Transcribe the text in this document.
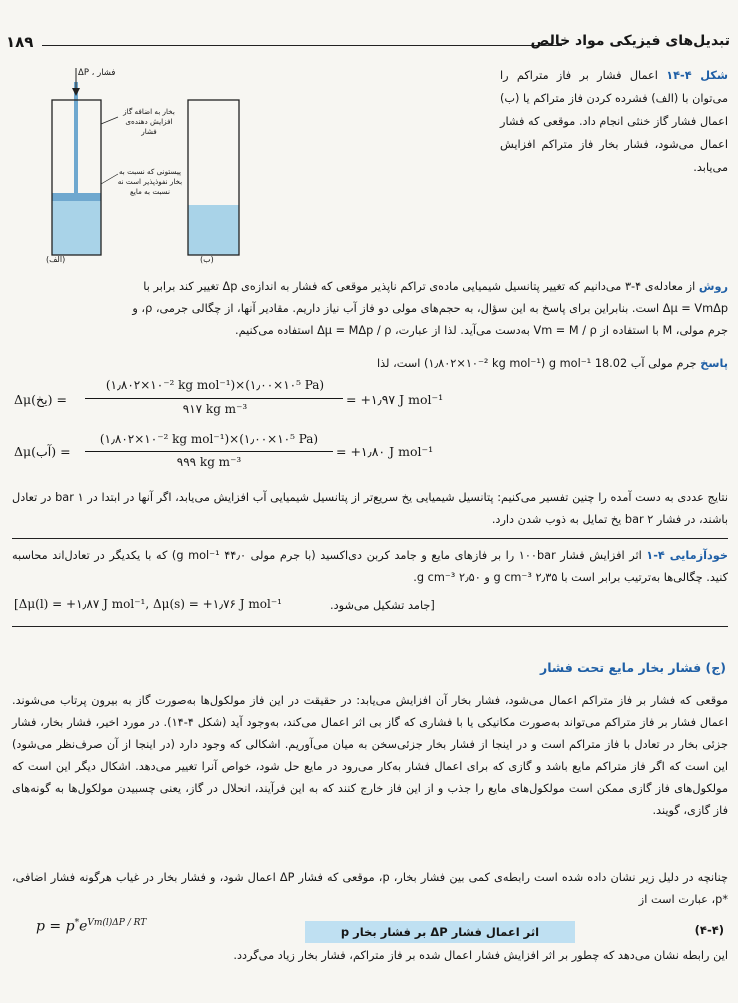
۱۸۹	تبدیل‌های فیزیکی مواد خالص
ΔP ، فشار
بخار به اضافه گاز افزایش دهنده‌ی فشار
پیستونی که نسبت به بخار نفوذپذیر است نه نسبت به مایع
(الف)	(ب)
شکل ۴-۱۴ اعمال فشار بر فاز متراکم را می‌توان با (الف) فشرده کردن فاز متراکم یا (ب) اعمال فشار گاز خنثی انجام داد. موقعی که فشار اعمال می‌شود، فشار بخار فاز متراکم افزایش می‌یابد.
روش از معادله‌ی ۴-۳ می‌دانیم که تغییر پتانسیل شیمیایی ماده‌ی تراکم ناپذیر موقعی که فشار به اندازه‌ی Δp تغییر کند برابر با
Δμ = VmΔp است. بنابراین برای پاسخ به این سؤال، به حجم‌های مولی دو فاز آب نیاز داریم. مقادیر آنها، از چگالی جرمی، ρ، و
جرم مولی، M با استفاده از Vm = M / ρ به‌دست می‌آید. لذا از عبارت، Δμ = MΔp / ρ استفاده می‌کنیم.
پاسخ جرم مولی آب 18.02 g mol⁻¹ (۱٫۸۰۲×۱۰⁻² kg mol⁻¹) است، لذا
Δμ(یخ) =
(۱٫۸۰۲×۱۰⁻² kg mol⁻¹)×(۱٫۰۰×۱۰⁵ Pa)
۹۱۷ kg m⁻³
= +۱٫۹۷ J mol⁻¹
Δμ(آب) =
(۱٫۸۰۲×۱۰⁻² kg mol⁻¹)×(۱٫۰۰×۱۰⁵ Pa)
۹۹۹ kg m⁻³
= +۱٫۸۰ J mol⁻¹
نتایج عددی به دست آمده را چنین تفسیر می‌کنیم: پتانسیل شیمیایی یخ سریع‌تر از پتانسیل شیمیایی آب افزایش می‌یابد، اگر آنها در ابتدا در ۱ bar در تعادل باشند، در فشار ۲ bar یخ تمایل به ذوب شدن دارد.
خودآزمایی ۴-۱ اثر افزایش فشار ۱۰۰bar را بر فازهای مایع و جامد کربن دی‌اکسید (با جرم مولی ۴۴٫۰ g mol⁻¹) که با یکدیگر در تعادل‌اند محاسبه کنید. چگالی‌ها به‌ترتیب برابر است با ۲٫۳۵ g cm⁻³ و ۲٫۵۰ g cm⁻³.
[Δμ(l) = +۱٫۸۷ J mol⁻¹, Δμ(s) = +۱٫۷۶ J mol⁻¹	[جامد تشکیل می‌شود.
(ج) فشار بخار مایع تحت فشار
موقعی که فشار بر فاز متراکم اعمال می‌شود، فشار بخار آن افزایش می‌یابد: در حقیقت در این فاز مولکول‌ها به‌صورت گاز به بیرون پرتاب می‌شوند. اعمال فشار بر فاز متراکم می‌تواند به‌صورت مکانیکی یا با فشاری که گاز بی اثر اعمال می‌کند، به‌وجود آید (شکل ۴-۱۴). در مورد اخیر، فشار بخار، فشار جزئی بخار در تعادل با فاز متراکم است و در اینجا از فشار بخار جزئی‌سخن به میان می‌آوریم. اشکالی که وجود دارد (در اینجا از آن صرف‌نظر می‌شود) این است که اگر فاز متراکم مایع باشد و گازی که برای اعمال فشار به‌کار می‌رود در مایع حل شود، خواص آنرا تغییر می‌دهد. اشکال دیگر این است که مولکول‌های فاز گازی ممکن است مولکول‌های مایع را جذب و از این فاز خارج کنند که به این فرآیند، انحلال در گاز، یعنی چسبیدن مولکول‌ها به گونه‌های فاز گازی، گویند.
چنانچه در دلیل زیر نشان داده شده است رابطه‌ی کمی بین فشار بخار، p، موقعی که فشار ΔP اعمال شود، و فشار بخار در غیاب هرگونه فشار اضافی، *p، عبارت است از
$p = p^*e^{Vm(l)\Delta P / RT}$
اثر اعمال فشار ΔP بر فشار بخار p	(۴-۴)
این رابطه نشان می‌دهد که چطور بر اثر افزایش فشار اعمال شده بر فاز متراکم، فشار بخار زیاد می‌گردد.
